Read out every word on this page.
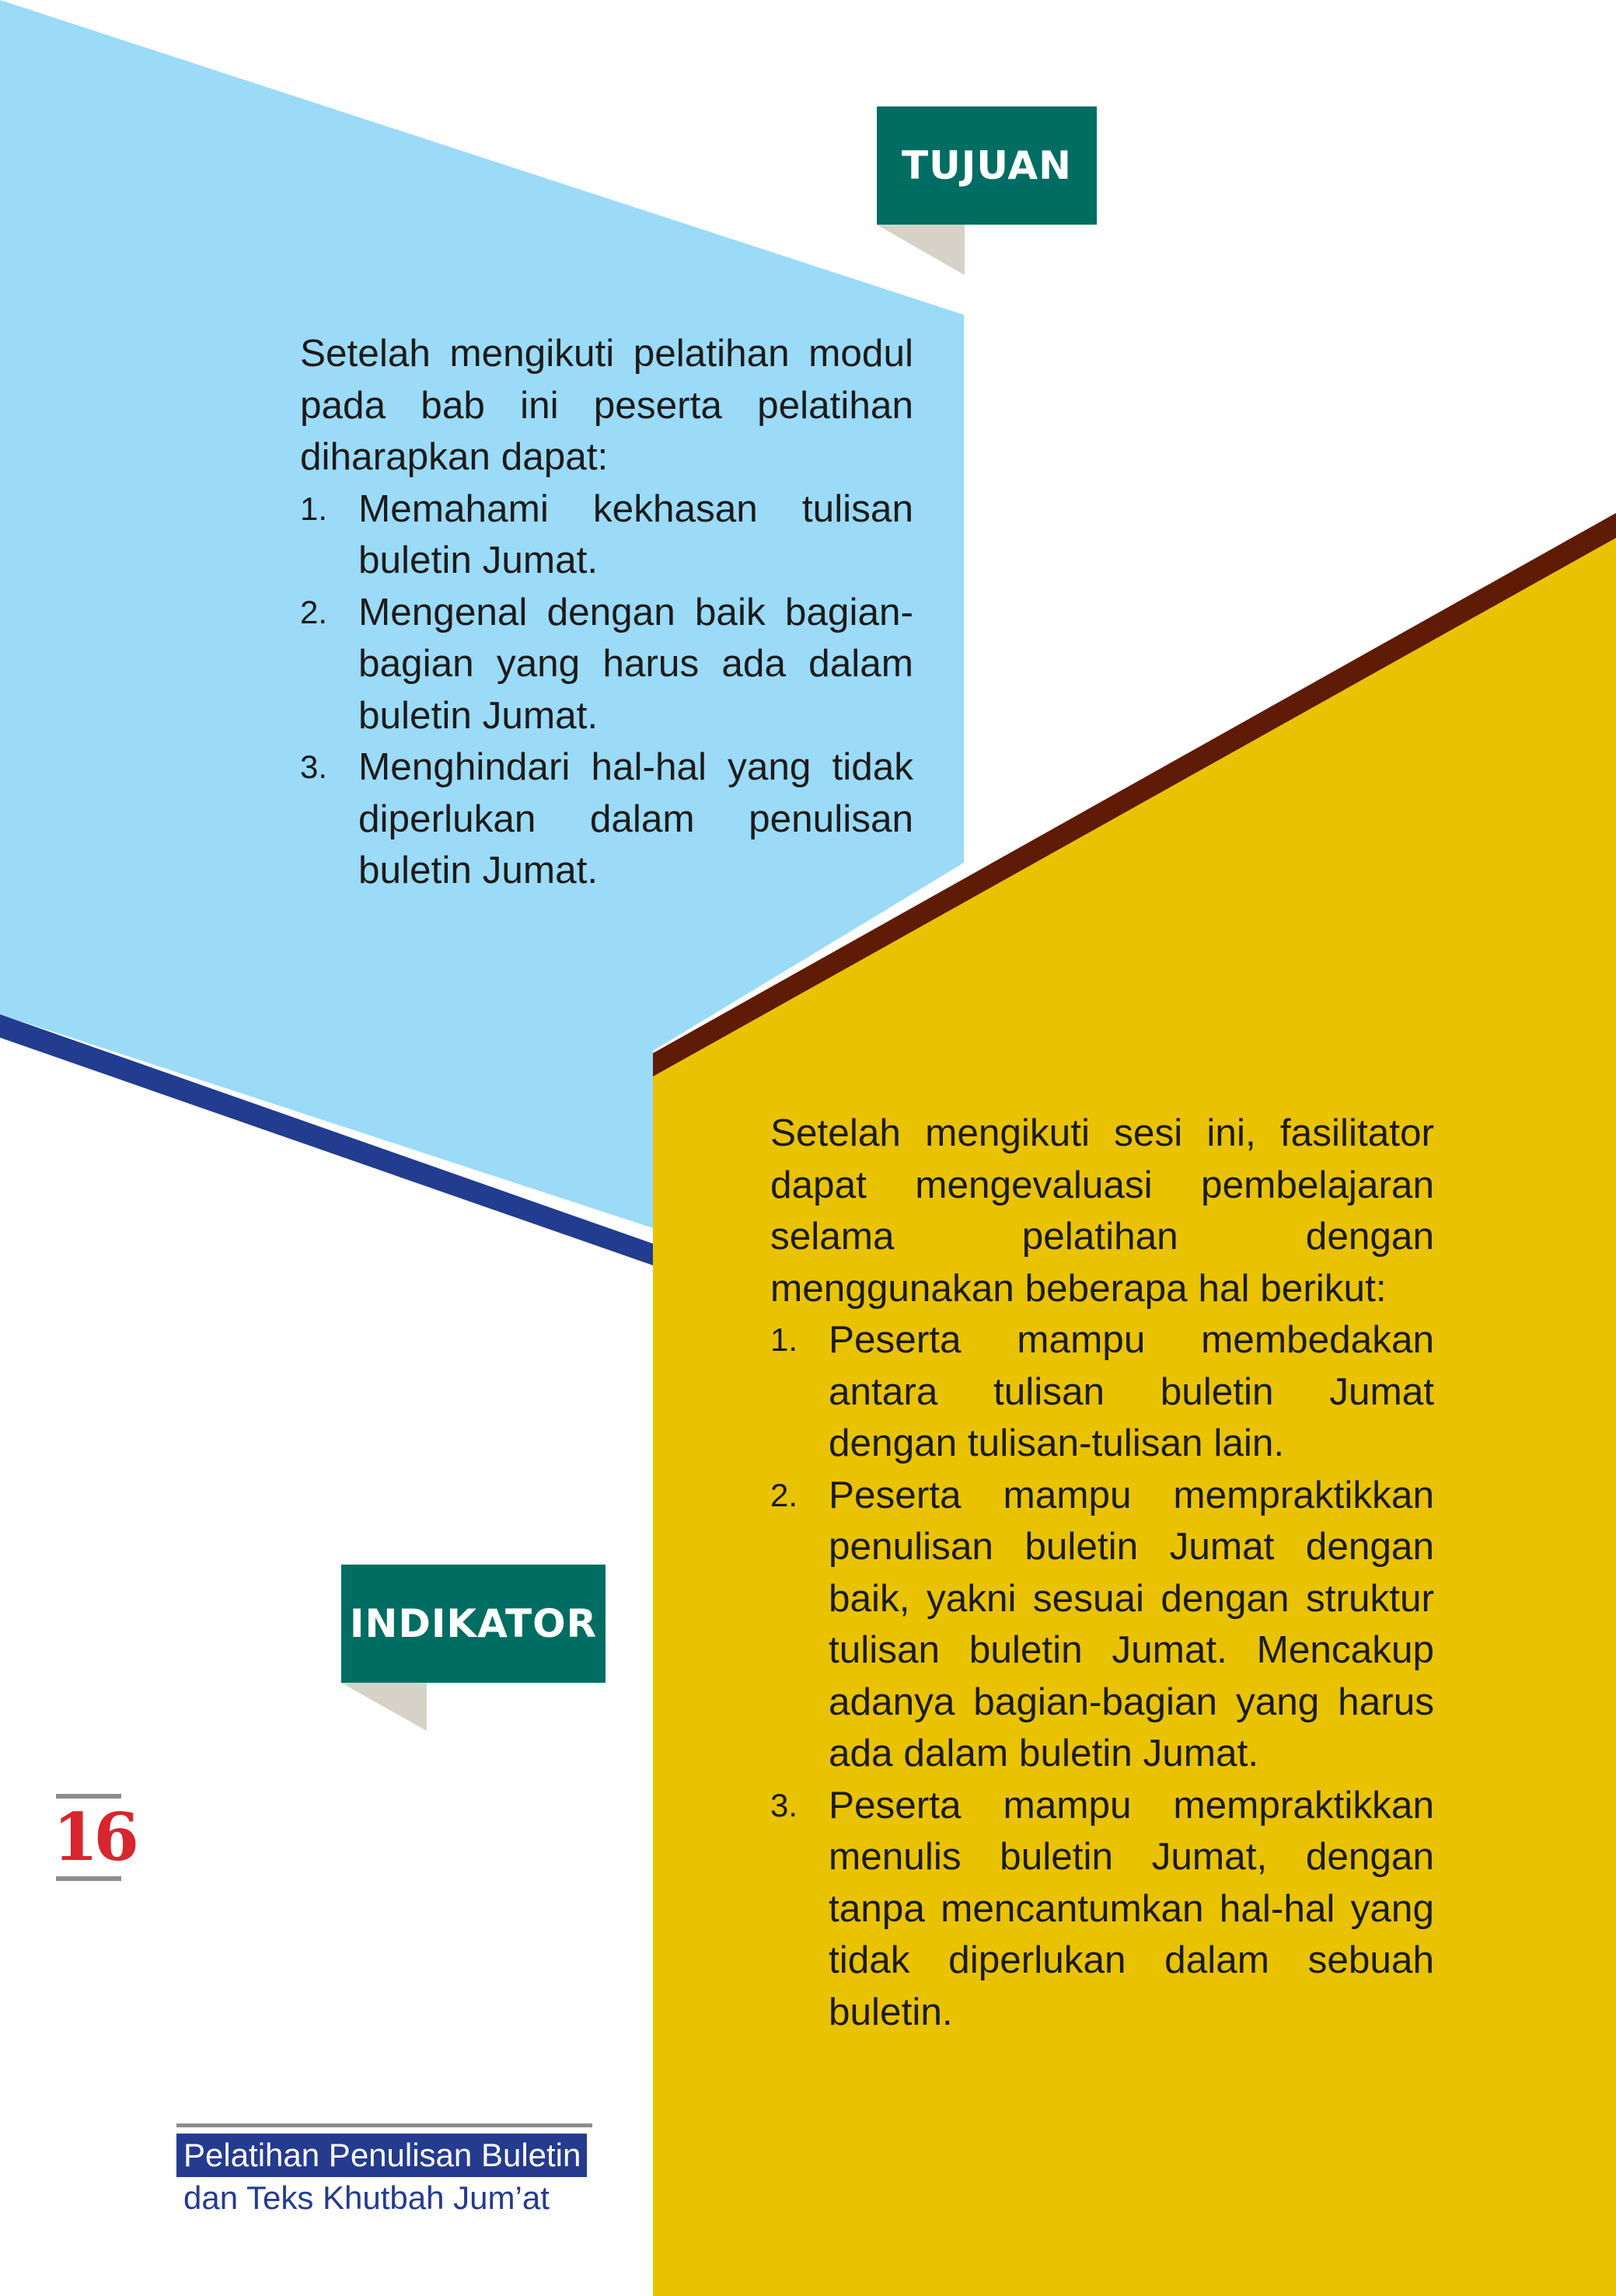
TUJUAN

Setelah mengikuti pelatihan modul pada bab ini peserta pelatihan diharapkan dapat:

1. Memahami kekhasan tulisan buletin Jumat.
2. Mengenal dengan baik bagian-bagian yang harus ada dalam buletin Jumat.
3. Menghindari hal-hal yang tidak diperlukan dalam penulisan buletin Jumat.
INDIKATOR

Setelah mengikuti sesi ini, fasilitator dapat mengevaluasi pembelajaran selama pelatihan dengan menggunakan beberapa hal berikut:

1. Peserta mampu membedakan antara tulisan buletin Jumat dengan tulisan-tulisan lain.
2. Peserta mampu mempraktikkan penulisan buletin Jumat dengan baik, yakni sesuai dengan struktur tulisan buletin Jumat. Mencakup adanya bagian-bagian yang harus ada dalam buletin Jumat.
3. Peserta mampu mempraktikkan menulis buletin Jumat, dengan tanpa mencantumkan hal-hal yang tidak diperlukan dalam sebuah buletin.
16
Pelatihan Penulisan Buletin
dan Teks Khutbah Jum’at
